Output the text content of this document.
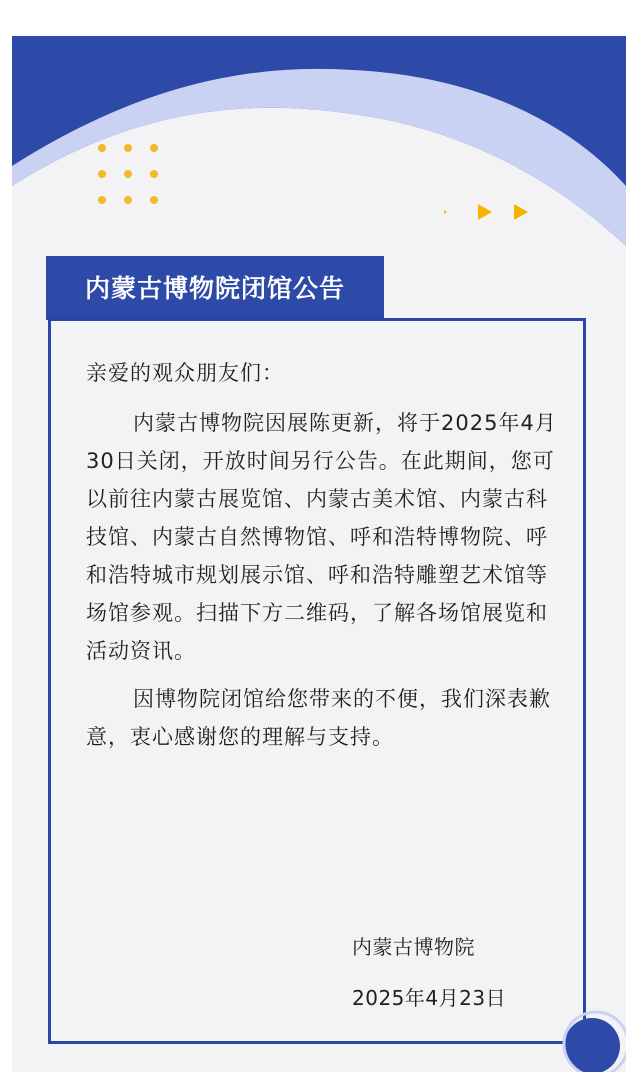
内蒙古博物院闭馆公告

亲爱的观众朋友们：

内蒙古博物院因展陈更新，将于2025年4月30日关闭，开放时间另行公告。在此期间，您可以前往内蒙古展览馆、内蒙古美术馆、内蒙古科技馆、内蒙古自然博物馆、呼和浩特博物院、呼和浩特城市规划展示馆、呼和浩特雕塑艺术馆等场馆参观。扫描下方二维码，了解各场馆展览和活动资讯。

因博物院闭馆给您带来的不便，我们深表歉意，衷心感谢您的理解与支持。

内蒙古博物院
2025年4月23日
